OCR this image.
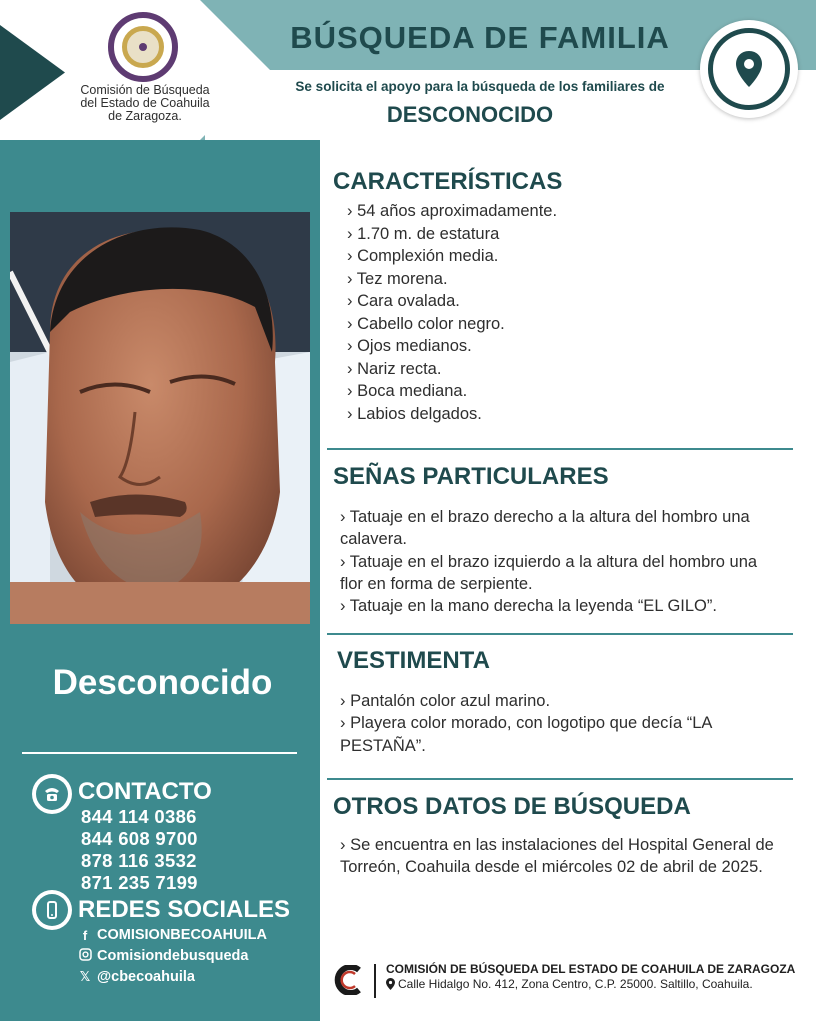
Comisión de Búsqueda
del Estado de Coahuila
de Zaragoza.
BÚSQUEDA DE FAMILIA
Se solicita el apoyo para la búsqueda de los familiares de
DESCONOCIDO
Desconocido
CONTACTO
844 114 0386
844 608 9700
878 116 3532
871 235 7199
REDES SOCIALES
f COMISIONBECOAHUILA
Comisiondebusqueda
𝕏 @cbecoahuila
CARACTERÍSTICAS
› 54 años aproximadamente.
› 1.70 m. de estatura
› Complexión media.
› Tez morena.
› Cara ovalada.
› Cabello color negro.
› Ojos medianos.
› Nariz recta.
› Boca mediana.
› Labios delgados.
SEÑAS PARTICULARES
› Tatuaje en el brazo derecho a la altura del hombro una calavera.
› Tatuaje en el brazo izquierdo a la altura del hombro una flor en forma de serpiente.
› Tatuaje en la mano derecha la leyenda “EL GILO”.
VESTIMENTA
› Pantalón color azul marino.
› Playera color morado, con logotipo que decía “LA PESTAÑA”.
OTROS DATOS DE BÚSQUEDA
› Se encuentra en las instalaciones del Hospital General de Torreón, Coahuila desde el miércoles 02 de abril de 2025.
COMISIÓN DE BÚSQUEDA DEL ESTADO DE COAHUILA DE ZARAGOZA
Calle Hidalgo No. 412, Zona Centro, C.P. 25000. Saltillo, Coahuila.
